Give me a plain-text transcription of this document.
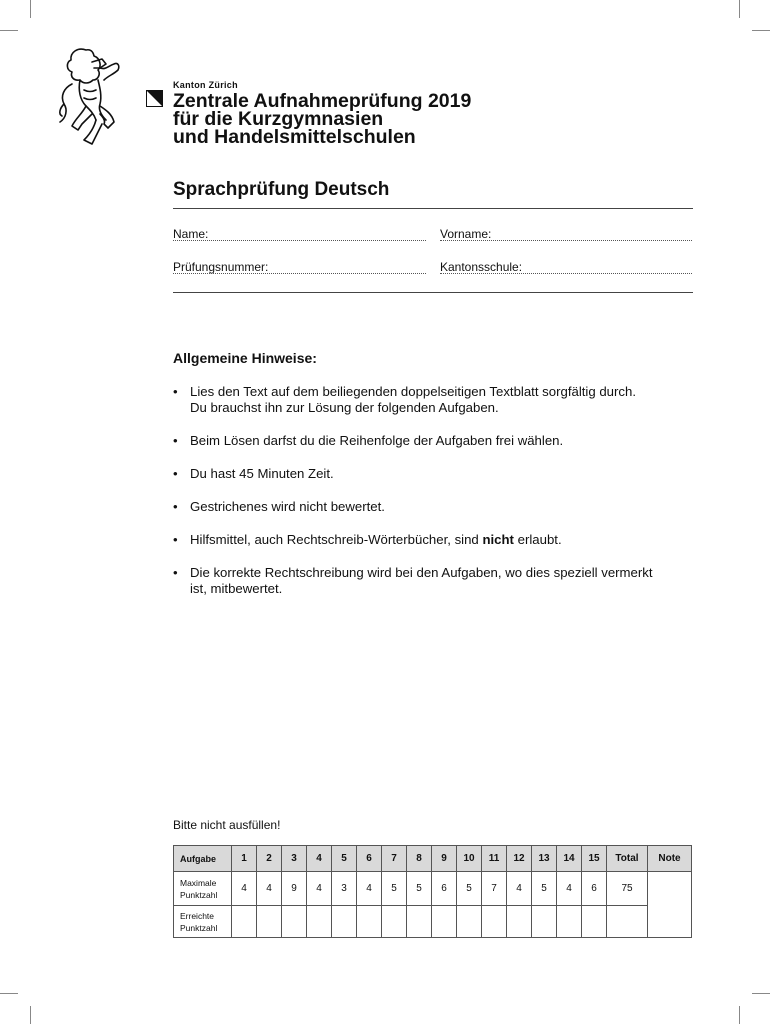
Kanton Zürich
Zentrale Aufnahmeprüfung 2019
für die Kurzgymnasien
und Handelsmittelschulen
Sprachprüfung Deutsch
Name:	Vorname:
Prüfungsnummer:	Kantonsschule:
Allgemeine Hinweise:
• Lies den Text auf dem beiliegenden doppelseitigen Textblatt sorgfältig durch.
Du brauchst ihn zur Lösung der folgenden Aufgaben.
• Beim Lösen darfst du die Reihenfolge der Aufgaben frei wählen.
• Du hast 45 Minuten Zeit.
• Gestrichenes wird nicht bewertet.
• Hilfsmittel, auch Rechtschreib-Wörterbücher, sind nicht erlaubt.
• Die korrekte Rechtschreibung wird bei den Aufgaben, wo dies speziell vermerkt
ist, mitbewertet.
Bitte nicht ausfüllen!
Aufgabe	1	2	3	4	5	6	7	8	9	10	11	12	13	14	15	Total	Note
Maximale
Punktzahl	4	4	9	4	3	4	5	5	6	5	7	4	5	4	6	75	
Erreichte
Punktzahl																	
